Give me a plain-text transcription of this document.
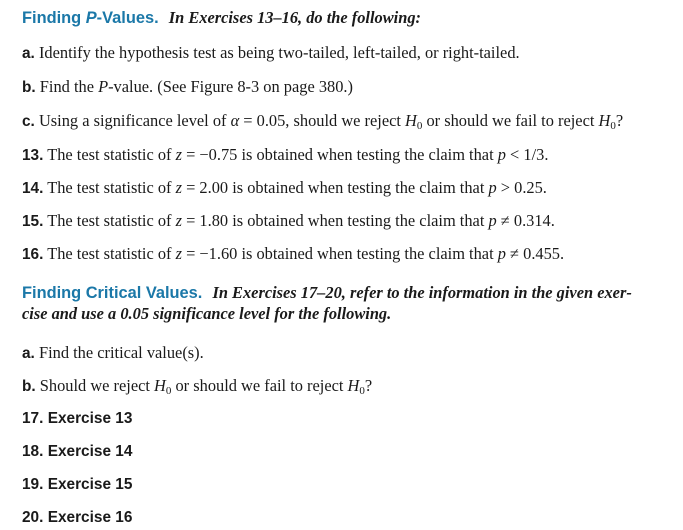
Finding P-Values. In Exercises 13–16, do the following:
a. Identify the hypothesis test as being two-tailed, left-tailed, or right-tailed.
b. Find the P-value. (See Figure 8-3 on page 380.)
c. Using a significance level of α = 0.05, should we reject $H_0$ or should we fail to reject $H_0$?
13. The test statistic of z = −0.75 is obtained when testing the claim that p < 1/3.
14. The test statistic of z = 2.00 is obtained when testing the claim that p > 0.25.
15. The test statistic of z = 1.80 is obtained when testing the claim that p ≠ 0.314.
16. The test statistic of z = −1.60 is obtained when testing the claim that p ≠ 0.455.
Finding Critical Values. In Exercises 17–20, refer to the information in the given exer-
cise and use a 0.05 significance level for the following.
a. Find the critical value(s).
b. Should we reject $H_0$ or should we fail to reject $H_0$?
17. Exercise 13
18. Exercise 14
19. Exercise 15
20. Exercise 16
